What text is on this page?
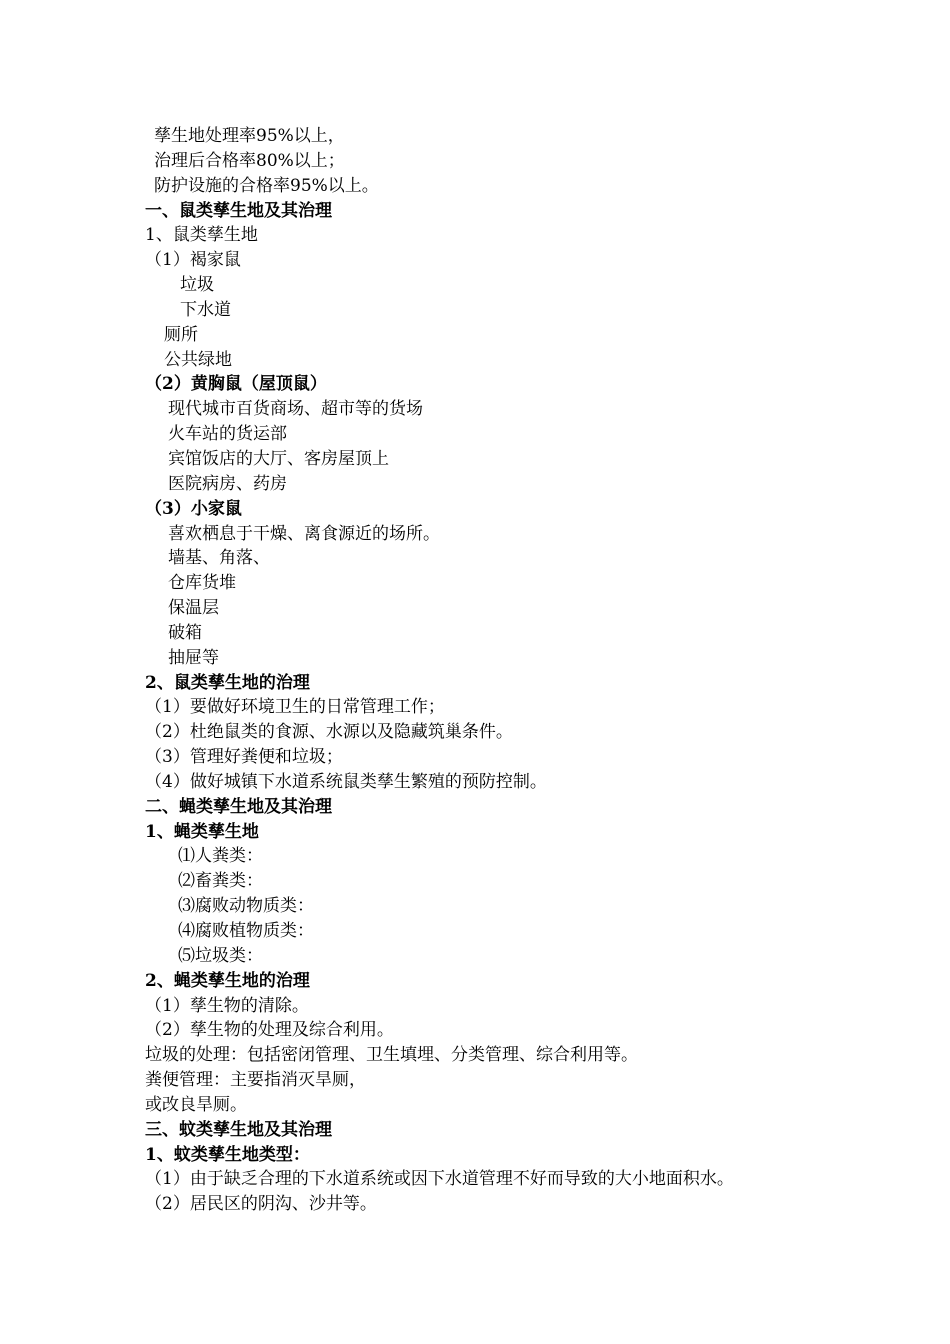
孳生地处理率95%以上，
治理后合格率80%以上；
防护设施的合格率95%以上。
一、鼠类孳生地及其治理
1、鼠类孳生地
（1）褐家鼠
垃圾
下水道
厕所
公共绿地
（2）黄胸鼠（屋顶鼠）
现代城市百货商场、超市等的货场
火车站的货运部
宾馆饭店的大厅、客房屋顶上
医院病房、药房
（3）小家鼠
喜欢栖息于干燥、离食源近的场所。
墙基、角落、
仓库货堆
保温层
破箱
抽屉等
2、鼠类孳生地的治理
（1）要做好环境卫生的日常管理工作；
（2）杜绝鼠类的食源、水源以及隐藏筑巢条件。
（3）管理好粪便和垃圾；
（4）做好城镇下水道系统鼠类孳生繁殖的预防控制。
二、蝇类孳生地及其治理
1、蝇类孳生地
⑴人粪类：
⑵畜粪类：
⑶腐败动物质类：
⑷腐败植物质类：
⑸垃圾类：
2、蝇类孳生地的治理
（1）孳生物的清除。
（2）孳生物的处理及综合利用。
垃圾的处理：包括密闭管理、卫生填埋、分类管理、综合利用等。
粪便管理：主要指消灭旱厕，
或改良旱厕。
三、蚊类孳生地及其治理
1、蚊类孳生地类型：
（1）由于缺乏合理的下水道系统或因下水道管理不好而导致的大小地面积水。
（2）居民区的阴沟、沙井等。
